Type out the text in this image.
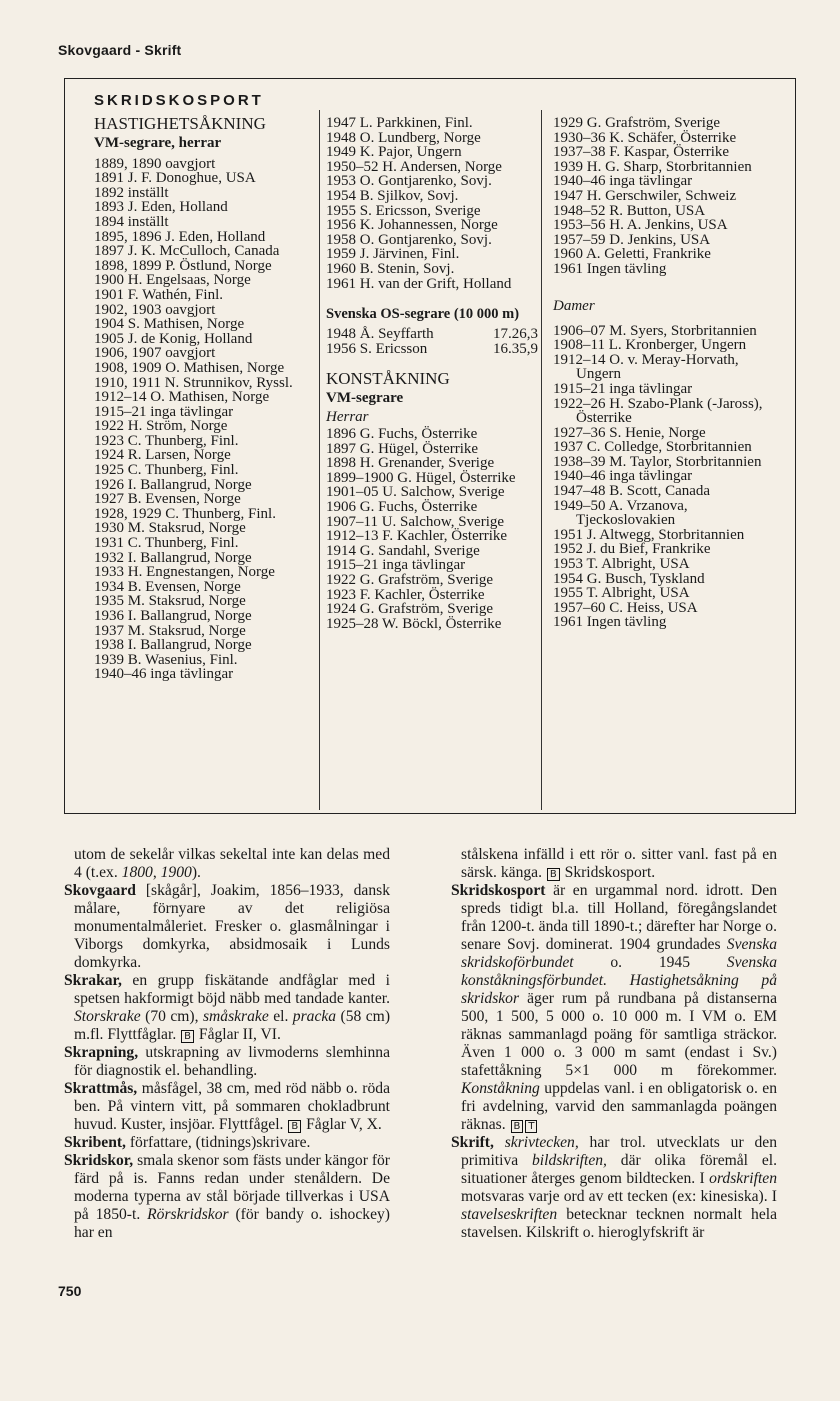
Skovgaard - Skrift
SKRIDSKOSPORT
HASTIGHETSÅKNING
VM-segrare, herrar
1889, 1890 oavgjort
1891 J. F. Donoghue, USA
1892 inställt
1893 J. Eden, Holland
1894 inställt
1895, 1896 J. Eden, Holland
1897 J. K. McCulloch, Canada
1898, 1899 P. Östlund, Norge
1900 H. Engelsaas, Norge
1901 F. Wathén, Finl.
1902, 1903 oavgjort
1904 S. Mathisen, Norge
1905 J. de Konig, Holland
1906, 1907 oavgjort
1908, 1909 O. Mathisen, Norge
1910, 1911 N. Strunnikov, Ryssl.
1912–14 O. Mathisen, Norge
1915–21 inga tävlingar
1922 H. Ström, Norge
1923 C. Thunberg, Finl.
1924 R. Larsen, Norge
1925 C. Thunberg, Finl.
1926 I. Ballangrud, Norge
1927 B. Evensen, Norge
1928, 1929 C. Thunberg, Finl.
1930 M. Staksrud, Norge
1931 C. Thunberg, Finl.
1932 I. Ballangrud, Norge
1933 H. Engnestangen, Norge
1934 B. Evensen, Norge
1935 M. Staksrud, Norge
1936 I. Ballangrud, Norge
1937 M. Staksrud, Norge
1938 I. Ballangrud, Norge
1939 B. Wasenius, Finl.
1940–46 inga tävlingar
1947 L. Parkkinen, Finl.
1948 O. Lundberg, Norge
1949 K. Pajor, Ungern
1950–52 H. Andersen, Norge
1953 O. Gontjarenko, Sovj.
1954 B. Sjilkov, Sovj.
1955 S. Ericsson, Sverige
1956 K. Johannessen, Norge
1958 O. Gontjarenko, Sovj.
1959 J. Järvinen, Finl.
1960 B. Stenin, Sovj.
1961 H. van der Grift, Holland
Svenska OS-segrare (10 000 m)
1948 Å. Seyffarth	17.26,3
1956 S. Ericsson	16.35,9
KONSTÅKNING
VM-segrare
Herrar
1896 G. Fuchs, Österrike
1897 G. Hügel, Österrike
1898 H. Grenander, Sverige
1899–1900 G. Hügel, Österrike
1901–05 U. Salchow, Sverige
1906 G. Fuchs, Österrike
1907–11 U. Salchow, Sverige
1912–13 F. Kachler, Österrike
1914 G. Sandahl, Sverige
1915–21 inga tävlingar
1922 G. Grafström, Sverige
1923 F. Kachler, Österrike
1924 G. Grafström, Sverige
1925–28 W. Böckl, Österrike
1929 G. Grafström, Sverige
1930–36 K. Schäfer, Österrike
1937–38 F. Kaspar, Österrike
1939 H. G. Sharp, Storbritannien
1940–46 inga tävlingar
1947 H. Gerschwiler, Schweiz
1948–52 R. Button, USA
1953–56 H. A. Jenkins, USA
1957–59 D. Jenkins, USA
1960 A. Geletti, Frankrike
1961 Ingen tävling
Damer
1906–07 M. Syers, Storbritannien
1908–11 L. Kronberger, Ungern
1912–14 O. v. Meray-Horvath, Ungern
1915–21 inga tävlingar
1922–26 H. Szabo-Plank (-Jaross), Österrike
1927–36 S. Henie, Norge
1937 C. Colledge, Storbritannien
1938–39 M. Taylor, Storbritannien
1940–46 inga tävlingar
1947–48 B. Scott, Canada
1949–50 A. Vrzanova, Tjeckoslovakien
1951 J. Altwegg, Storbritannien
1952 J. du Bief, Frankrike
1953 T. Albright, USA
1954 G. Busch, Tyskland
1955 T. Albright, USA
1957–60 C. Heiss, USA
1961 Ingen tävling
utom de sekelår vilkas sekeltal inte kan delas med 4 (t.ex. 1800, 1900).
Skovgaard [skågår], Joakim, 1856–1933, dansk målare, förnyare av det religiösa monumentalmåleriet. Fresker o. glasmålningar i Viborgs domkyrka, absidmosaik i Lunds domkyrka.
Skrakar, en grupp fiskätande andfåglar med i spetsen hakformigt böjd näbb med tandade kanter. Storskrake (70 cm), småskrake el. pracka (58 cm) m.fl. Flyttfåglar. B Fåglar II, VI.
Skrapning, utskrapning av livmoderns slemhinna för diagnostik el. behandling.
Skrattmås, måsfågel, 38 cm, med röd näbb o. röda ben. På vintern vitt, på sommaren chokladbrunt huvud. Kuster, insjöar. Flyttfågel. B Fåglar V, X.
Skribent, författare, (tidnings)skrivare.
Skridskor, smala skenor som fästs under kängor för färd på is. Fanns redan under stenåldern. De moderna typerna av stål började tillverkas i USA på 1850-t. Rörskridskor (för bandy o. ishockey) har en
stålskena infälld i ett rör o. sitter vanl. fast på en särsk. känga. B Skridskosport.
Skridskosport är en urgammal nord. idrott. Den spreds tidigt bl.a. till Holland, föregångslandet från 1200-t. ända till 1890-t.; därefter har Norge o. senare Sovj. dominerat. 1904 grundades Svenska skridskoförbundet o. 1945 Svenska konståkningsförbundet. Hastighetsåkning på skridskor äger rum på rundbana på distanserna 500, 1 500, 5 000 o. 10 000 m. I VM o. EM räknas sammanlagd poäng för samtliga sträckor. Även 1 000 o. 3 000 m samt (endast i Sv.) stafettåkning 5×1 000 m förekommer. Konståkning uppdelas vanl. i en obligatorisk o. en fri avdelning, varvid den sammanlagda poängen räknas. B T
Skrift, skrivtecken, har trol. utvecklats ur den primitiva bildskriften, där olika föremål el. situationer återges genom bildtecken. I ordskriften motsvaras varje ord av ett tecken (ex: kinesiska). I stavelseskriften betecknar tecknen normalt hela stavelsen. Kilskrift o. hieroglyfskrift är
750
